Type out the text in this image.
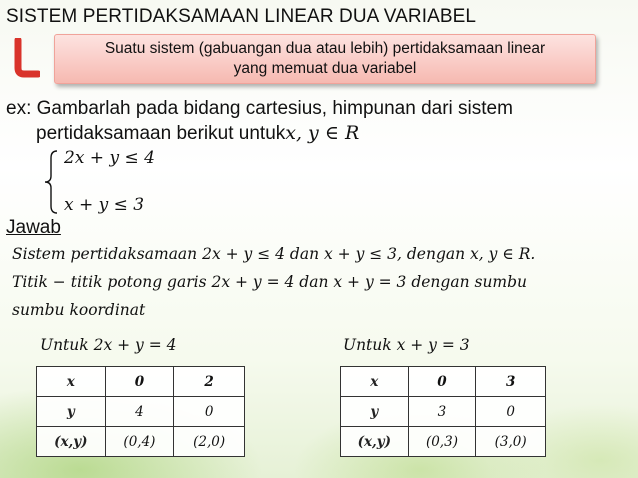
SISTEM PERTIDAKSAMAAN LINEAR DUA VARIABEL
Suatu sistem (gabuangan dua atau lebih) pertidaksamaan linear
yang memuat dua variabel
ex: Gambarlah pada bidang cartesius, himpunan dari sistem
pertidaksamaan berikut untukx, y ∈ R
2x + y ≤ 4
x + y ≤ 3
Jawab
Sistem pertidaksamaan 2x + y ≤ 4 dan x + y ≤ 3, dengan x, y ∈ R.
Titik − titik potong garis 2x + y = 4 dan x + y = 3 dengan sumbu
sumbu koordinat
Untuk 2x + y = 4	Untuk x + y = 3
x	0	2
y	4	0
(x,y)	(0,4)	(2,0)
x	0	3
y	3	0
(x,y)	(0,3)	(3,0)
